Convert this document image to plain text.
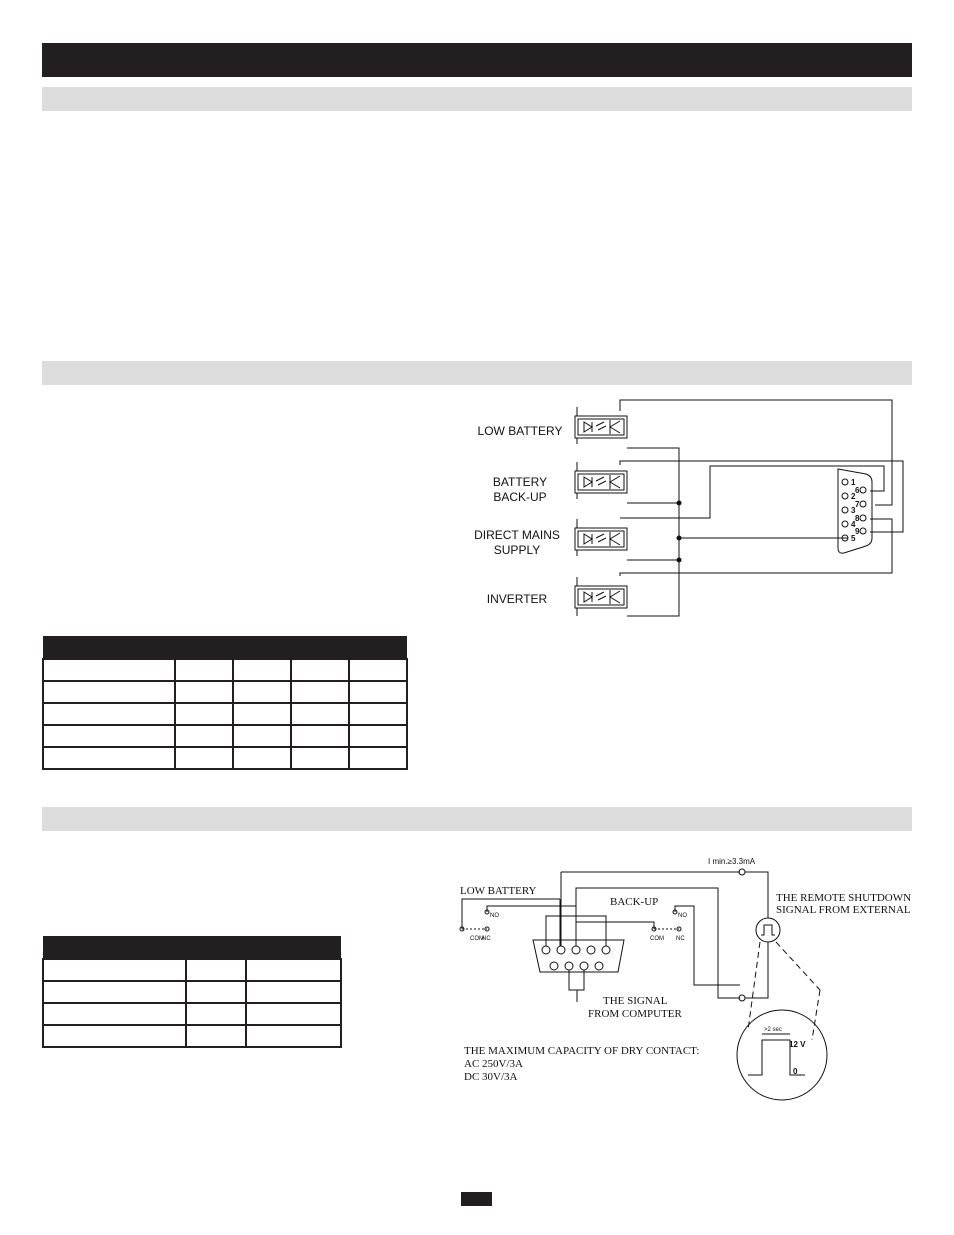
LOW BATTERY
BATTERY
BACK-UP
DIRECT MAINS
SUPPLY
INVERTER
1
2
3
4
5
6
7
8
9
NO
COM
NC
NO
COM NC
>2 sec
I min.≥3.3mA
12 V
0
LOW BATTERY
BACK-UP	THE REMOTE SHUTDOWN
SIGNAL FROM EXTERNAL
THE SIGNAL
FROM COMPUTER
THE MAXIMUM CAPACITY OF DRY CONTACT:
AC 250V/3A
DC 30V/3A
